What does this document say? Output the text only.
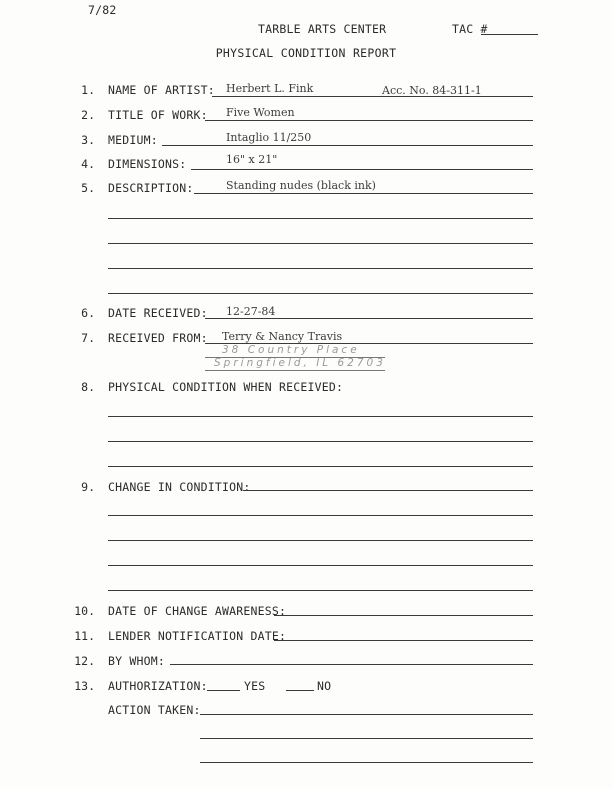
7/82
TARBLE ARTS CENTER	TAC #
PHYSICAL CONDITION REPORT
1. NAME OF ARTIST: Herbert L. Fink	Acc. No. 84-311-1
2. TITLE OF WORK: Five Women
3. MEDIUM:	Intaglio 11/250
4. DIMENSIONS:	16" x 21"
5. DESCRIPTION:	Standing nudes (black ink)
6. DATE RECEIVED: 12-27-84
7. RECEIVED FROM: Terry & Nancy Travis
38 Country Place
Springfield, IL 62703
8. PHYSICAL CONDITION WHEN RECEIVED:
9. CHANGE IN CONDITION:
10. DATE OF CHANGE AWARENESS:
11. LENDER NOTIFICATION DATE:
12. BY WHOM:
13. AUTHORIZATION:	YES	NO
ACTION TAKEN:
